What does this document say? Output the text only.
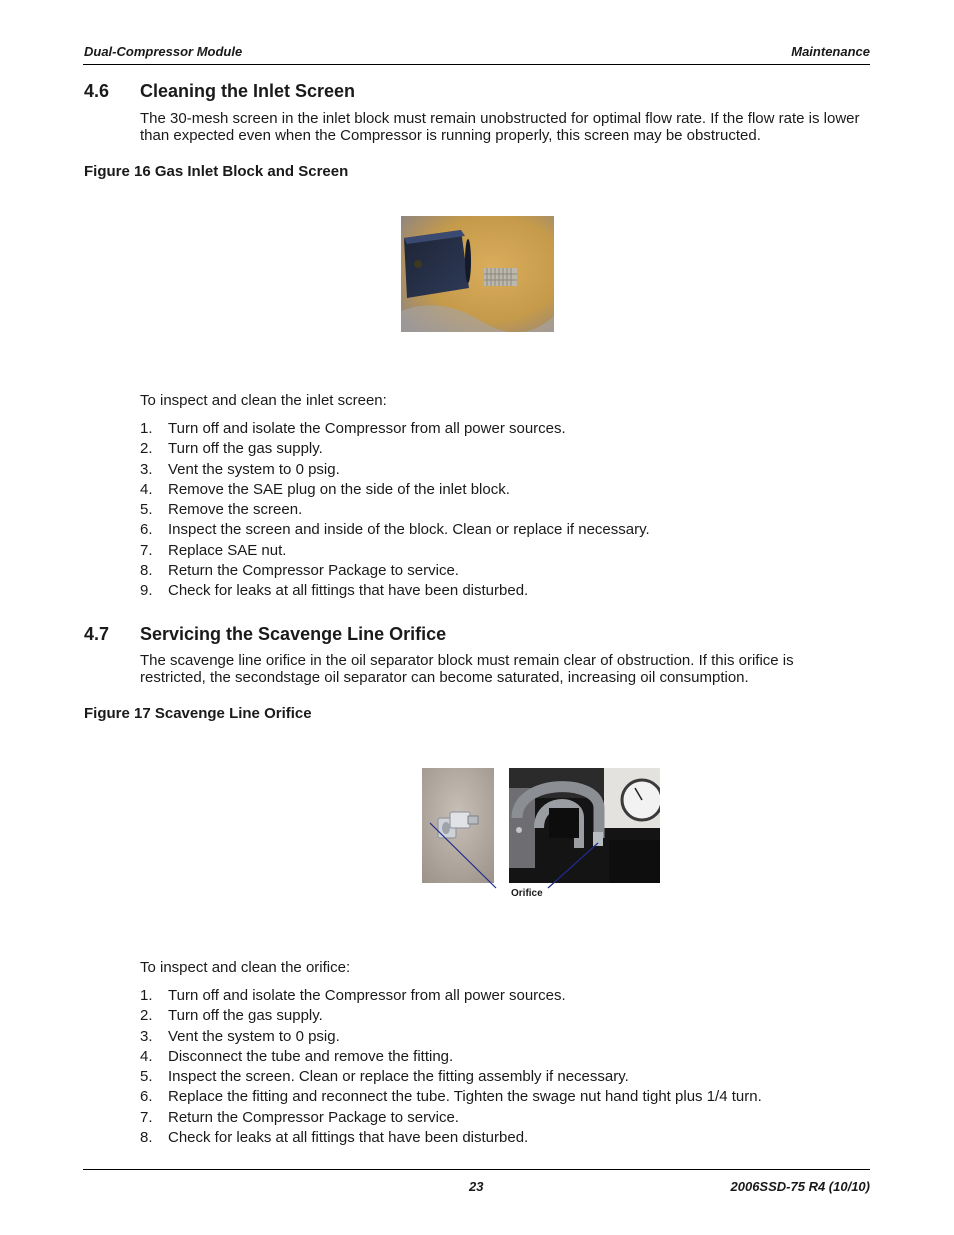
Dual-Compressor Module	Maintenance
4.6 Cleaning the Inlet Screen
The 30-mesh screen in the inlet block must remain unobstructed for optimal flow rate. If the flow rate is lower than expected even when the Compressor is running properly, this screen may be obstructed.
Figure 16 Gas Inlet Block and Screen
To inspect and clean the inlet screen:
1. Turn off and isolate the Compressor from all power sources.
2. Turn off the gas supply.
3. Vent the system to 0 psig.
4. Remove the SAE plug on the side of the inlet block.
5. Remove the screen.
6. Inspect the screen and inside of the block. Clean or replace if necessary.
7. Replace SAE nut.
8. Return the Compressor Package to service.
9. Check for leaks at all fittings that have been disturbed.
4.7 Servicing the Scavenge Line Orifice
The scavenge line orifice in the oil separator block must remain clear of obstruction. If this orifice is restricted, the secondstage oil separator can become saturated, increasing oil consumption.
Figure 17 Scavenge Line Orifice
Orifice
To inspect and clean the orifice:
1. Turn off and isolate the Compressor from all power sources.
2. Turn off the gas supply.
3. Vent the system to 0 psig.
4. Disconnect the tube and remove the fitting.
5. Inspect the screen. Clean or replace the fitting assembly if necessary.
6. Replace the fitting and reconnect the tube. Tighten the swage nut hand tight plus 1/4 turn.
7. Return the Compressor Package to service.
8. Check for leaks at all fittings that have been disturbed.
23	2006SSD-75 R4 (10/10)
